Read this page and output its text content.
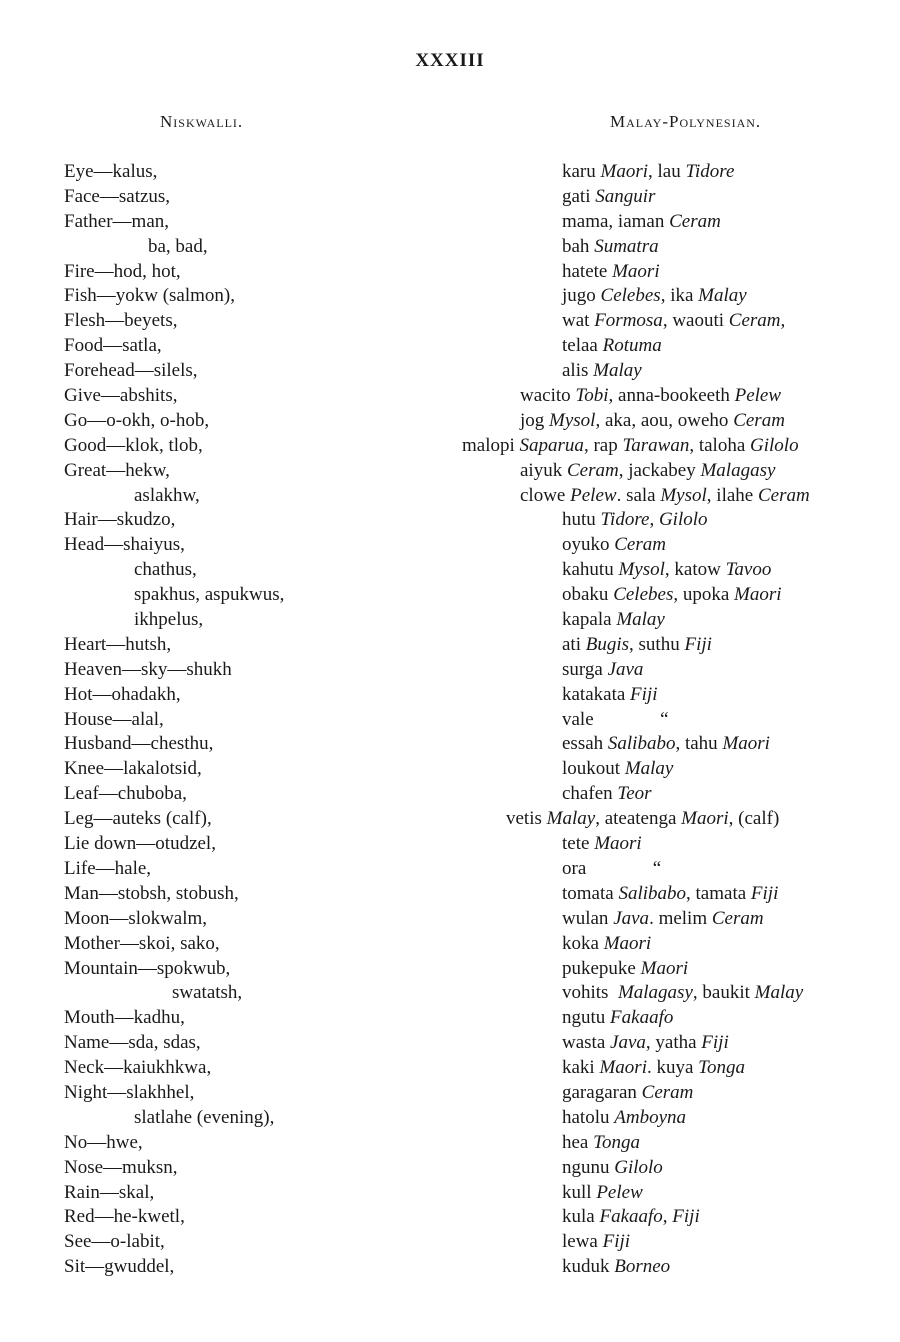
XXXIII
Niskwalli.	Malay-Polynesian.
Eye—kalus,
Face—satzus,
Father—man,
ba, bad,
Fire—hod, hot,
Fish—yokw (salmon),
Flesh—beyets,
Food—satla,
Forehead—silels,
Give—abshits,
Go—o-okh, o-hob,
Good—klok, tlob,
Great—hekw,
aslakhw,
Hair—skudzo,
Head—shaiyus,
chathus,
spakhus, aspukwus,
ikhpelus,
Heart—hutsh,
Heaven—sky—shukh
Hot—ohadakh,
House—alal,
Husband—chesthu,
Knee—lakalotsid,
Leaf—chuboba,
Leg—auteks (calf),
Lie down—otudzel,
Life—hale,
Man—stobsh, stobush,
Moon—slokwalm,
Mother—skoi, sako,
Mountain—spokwub,
swatatsh,
Mouth—kadhu,
Name—sda, sdas,
Neck—kaiukhkwa,
Night—slakhhel,
slatlahe (evening),
No—hwe,
Nose—muksn,
Rain—skal,
Red—he-kwetl,
See—o-labit,
Sit—gwuddel,
karu Maori, lau Tidore
gati Sanguir
mama, iaman Ceram
bah Sumatra
hatete Maori
jugo Celebes, ika Malay
wat Formosa, waouti Ceram,
telaa Rotuma
alis Malay
wacito Tobi, anna-bookeeth Pelew
jog Mysol, aka, aou, oweho Ceram
malopi Saparua, rap Tarawan, taloha Gilolo
aiyuk Ceram, jackabey Malagasy
clowe Pelew. sala Mysol, ilahe Ceram
hutu Tidore, Gilolo
oyuko Ceram
kahutu Mysol, katow Tavoo
obaku Celebes, upoka Maori
kapala Malay
ati Bugis, suthu Fiji
surga Java
katakata Fiji
vale              “
essah Salibabo, tahu Maori
loukout Malay
chafen Teor
vetis Malay, ateatenga Maori, (calf)
tete Maori
ora              “
tomata Salibabo, tamata Fiji
wulan Java. melim Ceram
koka Maori
pukepuke Maori
vohits  Malagasy, baukit Malay
ngutu Fakaafo
wasta Java, yatha Fiji
kaki Maori. kuya Tonga
garagaran Ceram
hatolu Amboyna
hea Tonga
ngunu Gilolo
kull Pelew
kula Fakaafo, Fiji
lewa Fiji
kuduk Borneo
